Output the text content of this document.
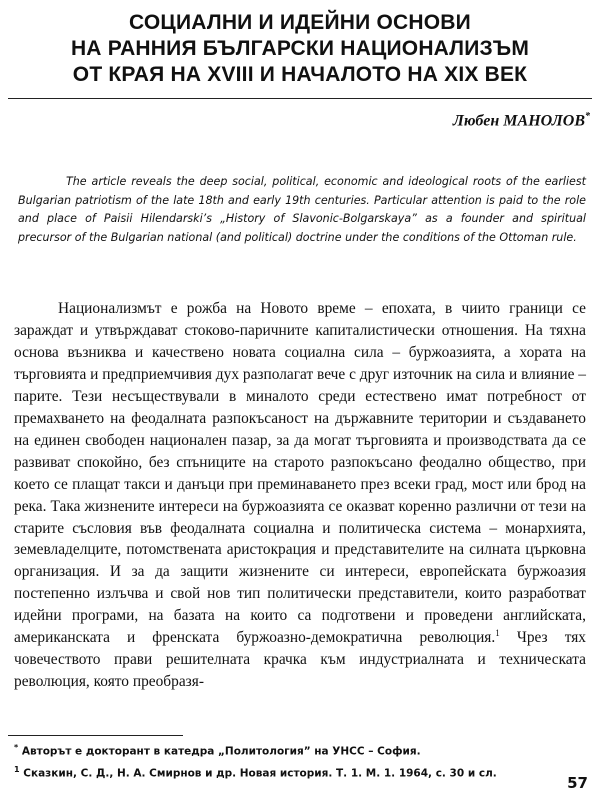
СОЦИАЛНИ И ИДЕЙНИ ОСНОВИ
НА РАННИЯ БЪЛГАРСКИ НАЦИОНАЛИЗЪМ
ОТ КРАЯ НА XVIII И НАЧАЛОТО НА XIX ВЕК
Любен МАНОЛОВ*
The article reveals the deep social, political, economic and ideological roots of the earliest Bulgarian patriotism of the late 18th and early 19th centuries. Particular attention is paid to the role and place of Paisii Hilendarski’s „History of Slavonic-Bolgarskaya” as a founder and spiritual precursor of the Bulgarian national (and political) doctrine under the conditions of the Ottoman rule.
Национализмът е рожба на Новото време – епохата, в чиито граници се зараждат и утвърждават стоково-паричните капиталистически отношения. На тяхна основа възниква и качествено новата социална сила – буржоазията, а хората на търговията и предприемчивия дух разполагат вече с друг източник на сила и влияние – парите. Тези несъществували в миналото среди естествено имат потребност от премахването на феодалната разпокъсаност на държавните територии и създаването на единен свободен национален пазар, за да могат търговията и производствата да се развиват спокойно, без спъниците на старото разпокъсано феодално общество, при което се плащат такси и данъци при преминаването през всеки град, мост или брод на река. Така жизнените интереси на буржоазията се оказват коренно различни от тези на старите съсловия във феодалната социална и политическа система – монархията, земевладелците, потомствената аристокрация и представителите на силната църковна организация. И за да защити жизнените си интереси, европейската буржоазия постепенно излъчва и свой нов тип политически представители, които разработват идейни програми, на базата на които са подготвени и проведени английската, американската и френската буржоазно-демократична революция.$^1$ Чрез тях човечеството прави решителната крачка към индустриалната и техническата революция, която преобразя-
* Авторът е докторант в катедра „Политология” на УНСС – София.
$^1$ Сказкин, С. Д., Н. А. Смирнов и др. Новая история. Т. 1. М. 1. 1964, с. 30 и сл.
57
